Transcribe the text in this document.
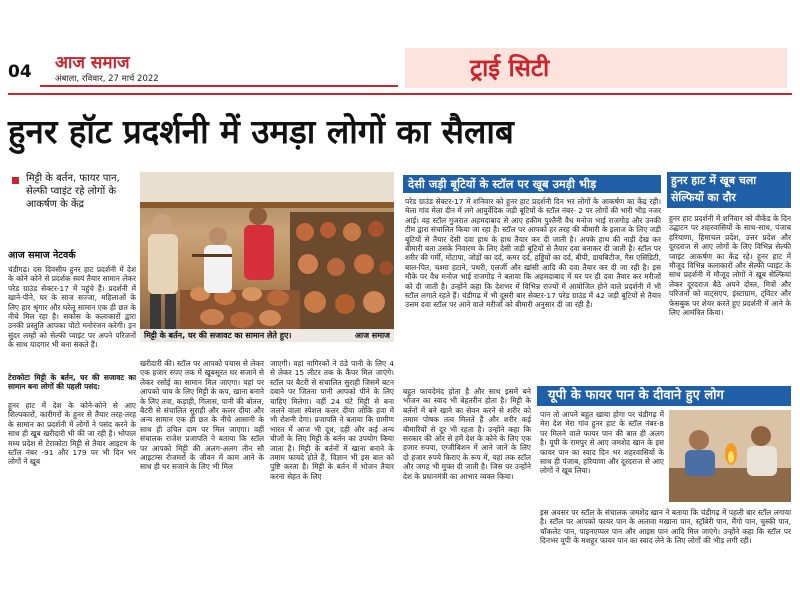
04 आज समाज
अंबाला, रविवार, 27 मार्च 2022	ट्राई सिटी
हुनर हॉट प्रदर्शनी में उमड़ा लोगों का सैलाब
मिट्टी के बर्तन, फायर पान, सेल्फी प्वाइंट रहे लोगों के आकर्षण के केंद्र
आज समाज नेटवर्क
चंडीगढ़। दस दिवसीय हुनर हाट प्रदर्शनी में देश के कोने कोने से प्रदर्शक स्वयं तैयार सामान लेकर परेड ग्राउंड सेक्टर-17 में पहुंचे हैं। प्रदर्शनी में खाने-पीने, घर के साज सज्जा, महिलाओं के लिए हार श्रृंगार और घरेलू सामान एक ही छत के नीचे मिल रहा है। सकोस के कलाकारों द्वारा उनकी प्रस्तुति आपका पोटो मनोरंजन करेगी। इन सुंदर लम्हों को सेल्फी प्वाइंट पर अपने परिजनों के साथ यादगार भी बना सकते हैं।
टेराकोटा मिट्टी के बर्तन, घर की सजावट का सामान बना लोगों की पहली पसंद:
हुनर हाट में देश के कोने-कोने से आए शिल्पकारों, कारीगरों के हुनर से तैयार तरह-तरह के सामान का प्रदर्शनी में लोगों ने पसंद करने के साथ ही खूब खरीदारी भी की जा रही है। भोपाल मध्य प्रदेश से टेराकोटा मिट्टी से तैयार आइटम के स्टॉल नंबर -91 और 179 पर भी दिन भर लोगों ने खूब
मिट्टी के बर्तन, घर की सजावट का सामान लेते हुए।	आज समाज
खरीदारी की। स्टॉल पर आपको पचास से लेकर एक हजार रुपए तक में खूबसूरत घर सजाने से लेकर रसोई का सामान मिल जाएगा। यहां पर आपको चाय के लिए मिट्टी के कप, खाना बनाने के लिए तवा, कड़ाही, गिलास, पानी की बोतल, बैटरी से संचालित सुराही और कलर दीया और अन्य सामान एक ही छत के नीचे आसानी के साथ ही उचित दाम पर मिल जाएगा। वहीं संचालक राजेश प्रजापति ने बताया कि स्टॉल पर आपको मिट्टी की अलग-अलग तीन सौ आइटम्स रोजमर्रा के जीवन में काम आने के साथ ही घर सजाने के लिए भी मिल
जाएगी। वहां नागिरकों ने ठंडे पानी के लिए 4 से लेकर 15 लीटर तक के कैंपर मिल जाएंगे। स्टॉल पर बैटरी से संचालित सुराही जिसमें बटन दबाने पर जितना पानी आपको पीने के लिए चाहिए मिलेगा। वहीं 24 घंटे मिट्टी से बना जलने वाला स्पेशल कलर दीया जोकि हवा में भी रोशनी देगा। प्रजापति ने बताया कि ग्रामीण भारत में आज भी दूध, दही और कई अन्य चीजों के लिए मिट्टी के बर्तन का उपयोग किया जाता है। मिट्टी के बर्तनों में खाना बनाने के तमाम फायदे होते हैं, विज्ञान भी इस बात को पुष्टि करता है। मिट्टी के बर्तन में भोजन तैयार करना सेहत के लिए
देसी जड़ी बूटियों के स्टॉल पर खूब उमड़ी भीड़
परेड ग्राउंड सेक्टर-17 में शनिवार को हुनर हाट प्रदर्शनी दिन भर लोगों के आकर्षण का केंद्र रही। मेला गांव मेला दीन में लगे आयुर्वेदिक जड़ी बूटियों के स्टॉल नंबर- 2 पर लोगों की भारी भीड़ नजर आई। वह स्टॉल गुजरात अहमदाबाद से आए हकीम पुश्तैनी वैध मनोज भाई राजगोड़ और उनकी टीम द्वारा संचालित किया जा रहा है। स्टॉल पर आपको हर तरह की बीमारी के इलाज के लिए जड़ी बूटियों से तैयार देसी दवा हाथ के हाथ तैयार कर दी जाती है। अपके हाथ की नाड़ी देख कर बीमारी बता उसके निवारण के लिए देसी जड़ी बूटियों से तैयार दवा बनाकर दी जाती है। स्टॉल पर शरीर की गर्मी, मोटापा, जोड़ों का दर्द, कमर दर्द, हड्डियों का दर्द, बीपी, डायबिटीज, गैस एसिडिटी, बाल-पित, चश्मा हटाने, पथरी, एलर्जी और खांसी आदि की दवा तैयार कर दी जा रही है। इस मौके पर वैध मनोज भाई राजगोड़ ने बताया कि अहमदाबाद में घर पर ही दवा तैयार कर मरीजों को दी जाती है। उन्होंने कहा कि देशभर में विभिन्न राज्यों में आयोजित होने वाले प्रदर्शनी में भी स्टॉल लगाते रहते हैं। चंडीगढ़ में भी दूसरी बार सेक्टर-17 परेड ग्राउंड में 42 जड़ी बूटियों से तैयार उत्तम दवा स्टॉल पर आने वाले मरीजों को बीमारी अनुसार दी जा रही है।
बहुत फायदेमंद होता है और साथ इसमें बने भोजन का स्वाद भी बेहतरीन होता है। मिट्टी के बर्तनों में बने खाने का सेवन करने से शरीर को तमाम पोषक तत्व मिलते हैं और शरीर कई बीमारियों से दूर भी रहता है। उन्होंने कहा कि सरकार की ओर से हमें देश के कोने के लिए एक हजार रुपया, एग्जीबिशन में आने जाने के लिए दो हजार रुपये किराए के रूप में, यहां तक स्टॉल और जगह भी मुफ्त दी जाती है। जिस पर उन्होंने देश के प्रधानमंत्री का आभार व्यक्त किया।
हुनर हाट में खूब चला सेल्फियों का दौर
हुनर हाट प्रदर्शनी में शनिवार को वीकेंड के दिन उद्घाटन पर शहरवासियों के साथ-साथ, पंजाब हरियाणा, हिमाचल प्रदेश, उत्तर प्रदेश और दूरदराज से आए लोगों के लिए विभिन्न सेल्फी प्वाइंट आकर्षण का केंद्र रहे। हुनर हाट में मौजूद विभिन्न कलाकारों और सेल्फी प्वाइंट के साथ प्रदर्शनी में मौजूद लोगों ने खूब सेल्फियां लेकर दूरदराज बैठे अपने दोस्त, मित्रों और परिजनों को वाट्सएप, इंस्टाग्राम, ट्विटर और फेसबुक पर शेयर करते हुए प्रदर्शनी में आने के लिए आमंत्रित किया।
यूपी के फायर पान के दीवाने हुए लोग
पान तो आपने बहुत खाया होगा पर चंडीगढ़ में मेरा देश मेरा गांव हुनर हाट के स्टॉल नंबर-8 पर मिलने वाले फायर पान की बात ही अलग है। यूपी के रामपुर से आए जमशेद खान के इस फायर पान का स्वाद दिन भर शहरवासियों के साथ ही पंजाब, हरियाणा और दूरदराज से आए लोगों ने खूब लिया।
इस अवसर पर स्टॉल के संचालक जमशेद खान ने बताया कि चंडीगढ़ में पहली बार स्टॉल लगाया है। स्टॉल पर आपको फायर पान के अलावा मखाना पान, स्ट्रॉबेरी पान, मैंगो पान, चुस्की पान, चॉकलेट पान, पाइनएप्पल पान और आइस पान आदि मिल जाएंगे। उन्होंने कहा कि स्टॉल पर दिनभर यूपी के मशहूर फायर पान का स्वाद लेने के लिए लोगों की भीड़ लगी रही।
